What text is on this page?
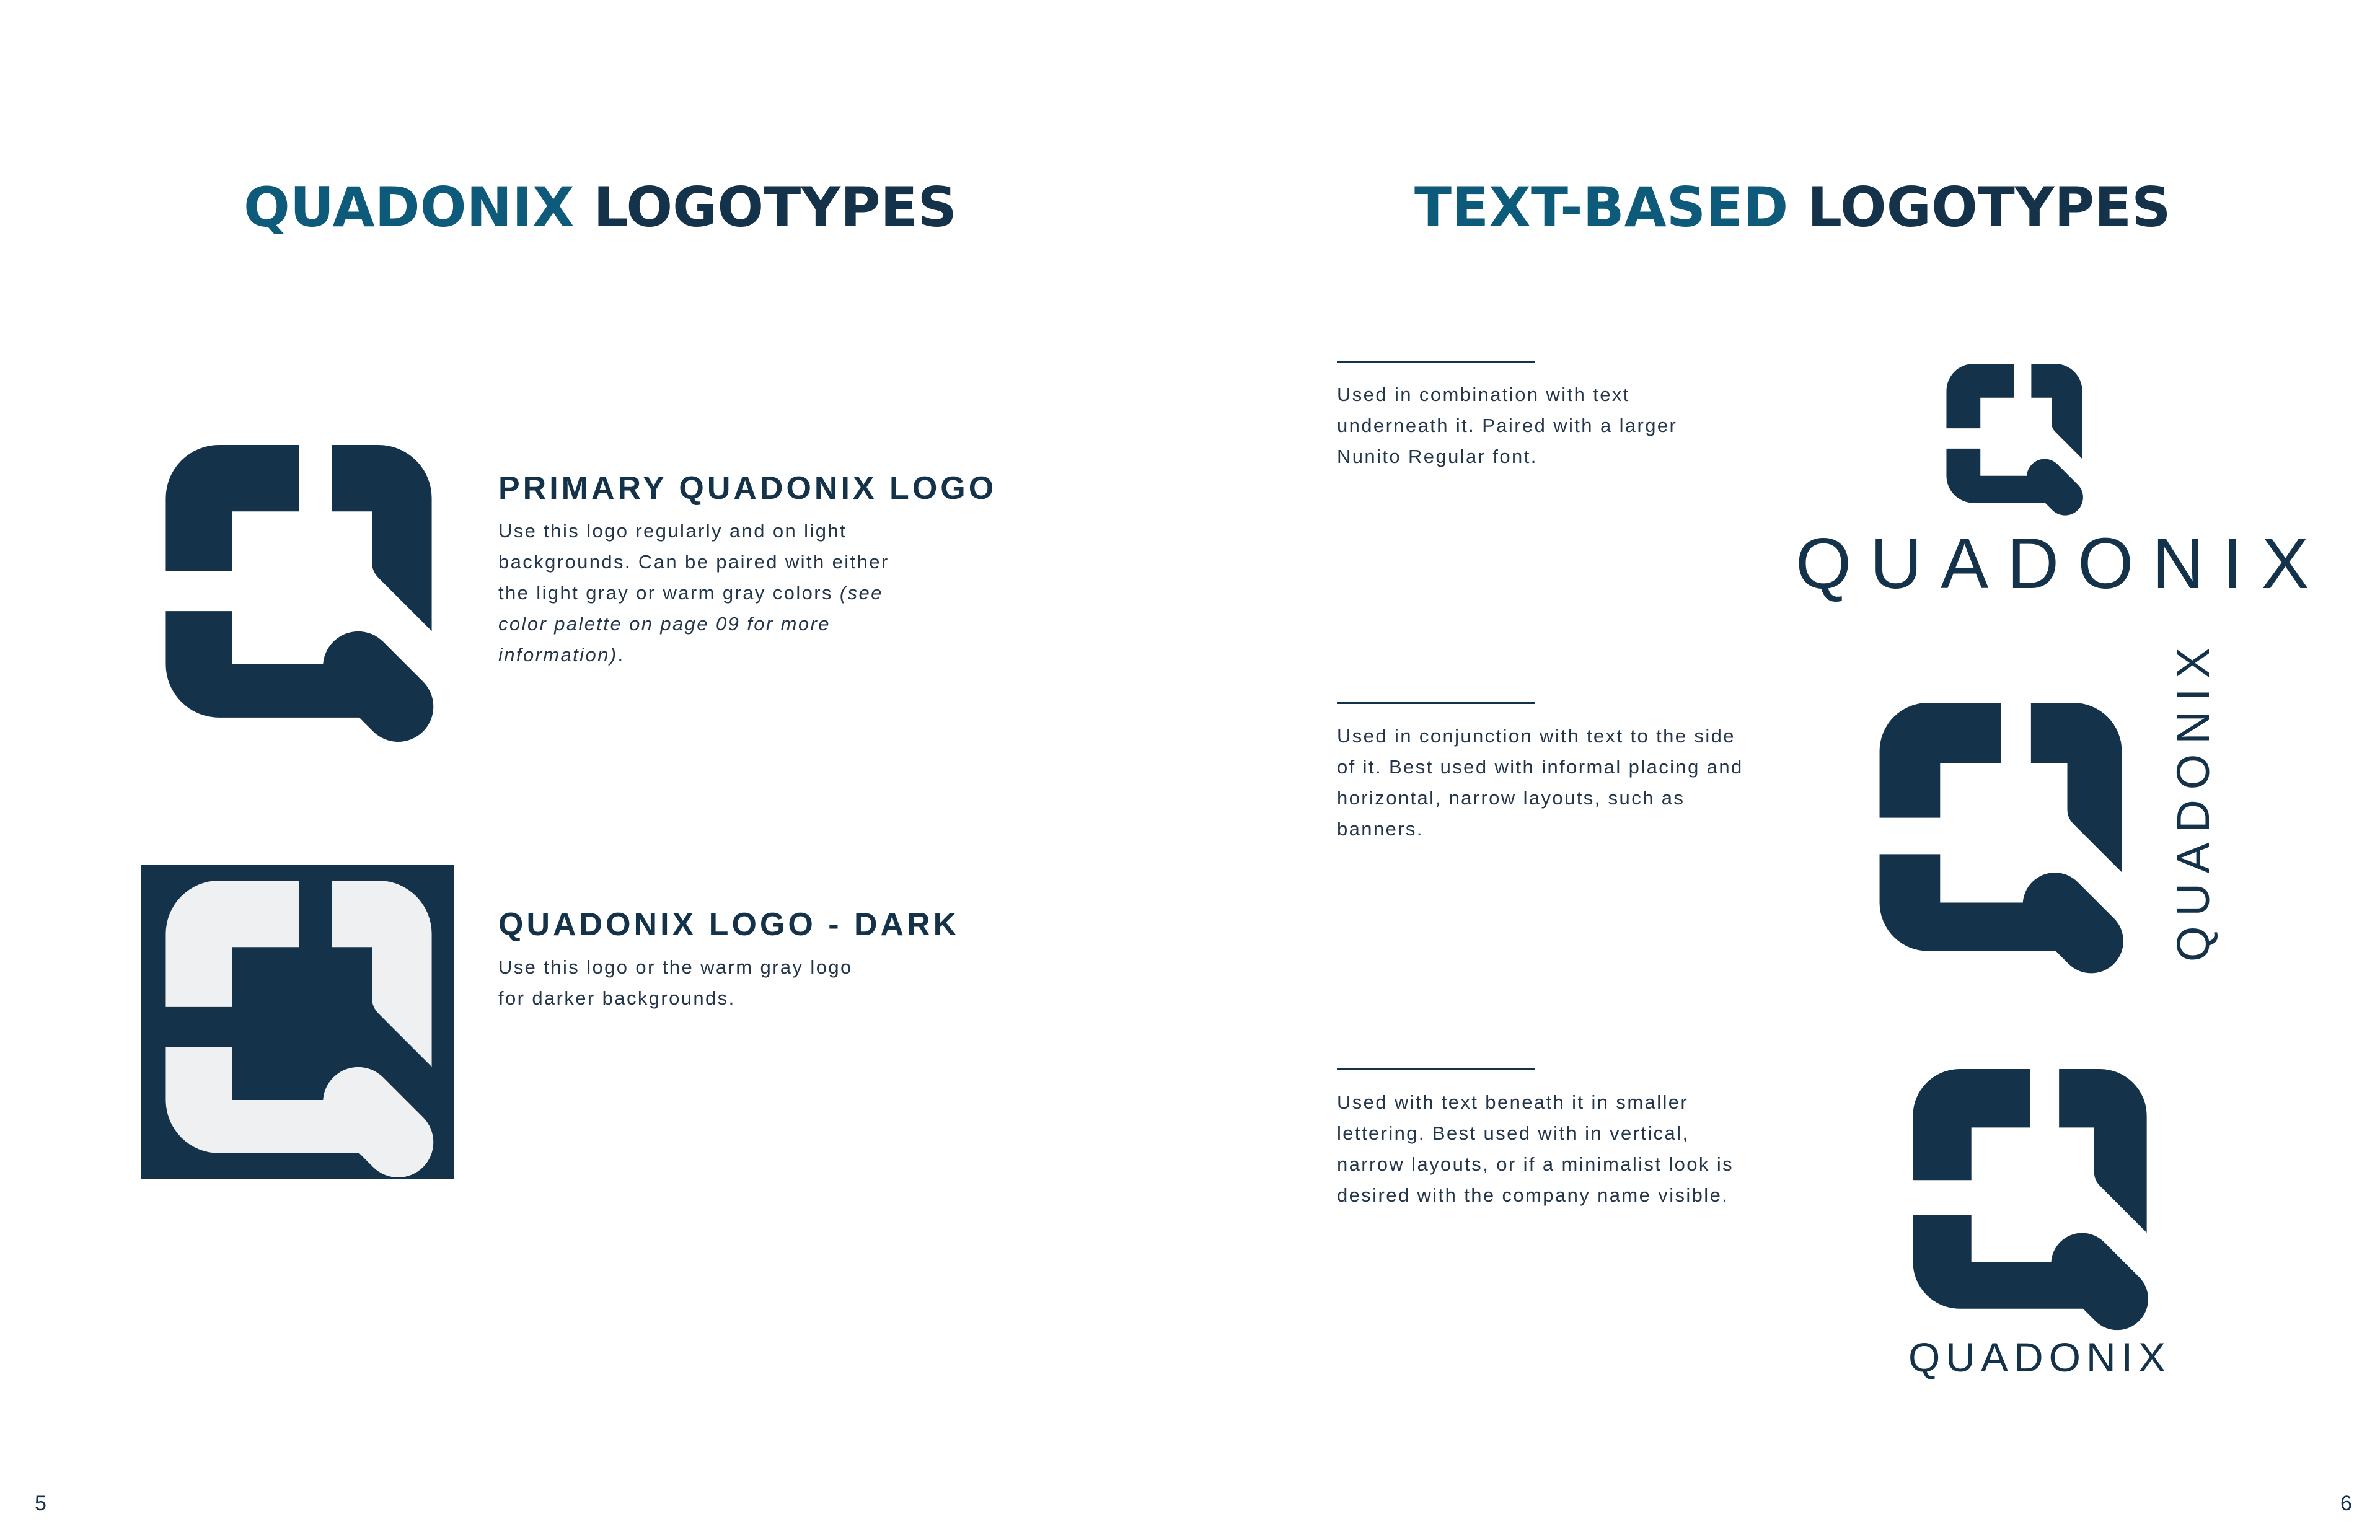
QUADONIX LOGOTYPES
PRIMARY QUADONIX LOGO
Use this logo regularly and on light backgrounds. Can be paired with either the light gray or warm gray colors (see color palette on page 09 for more information).
QUADONIX LOGO - DARK
Use this logo or the warm gray logo for darker backgrounds.
5
TEXT-BASED LOGOTYPES
Used in combination with text underneath it. Paired with a larger Nunito Regular font.
QUADONIX
Used in conjunction with text to the side of it. Best used with informal placing and horizontal, narrow layouts, such as banners.	QUADONIX
Used with text beneath it in smaller lettering. Best used with in vertical, narrow layouts, or if a minimalist look is desired with the company name visible.
QUADONIX
6
